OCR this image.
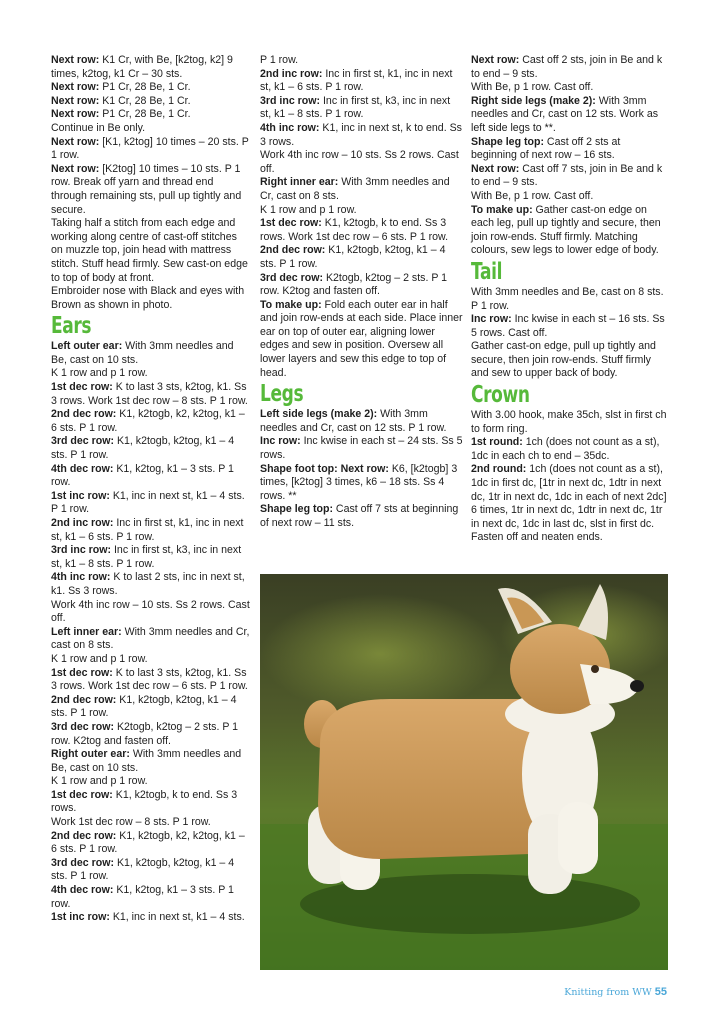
Next row: K1 Cr, with Be, [k2tog, k2] 9 times, k2tog, k1 Cr – 30 sts.

Next row: P1 Cr, 28 Be, 1 Cr.

Next row: K1 Cr, 28 Be, 1 Cr.

Next row: P1 Cr, 28 Be, 1 Cr.

Continue in Be only.

Next row: [K1, k2tog] 10 times – 20 sts. P 1 row.

Next row: [K2tog] 10 times – 10 sts. P 1 row. Break off yarn and thread end through remaining sts, pull up tightly and secure.

Taking half a stitch from each edge and working along centre of cast-off stitches on muzzle top, join head with mattress stitch. Stuff head firmly. Sew cast-on edge to top of body at front.

Embroider nose with Black and eyes with Brown as shown in photo.

Ears

Left outer ear: With 3mm needles and Be, cast on 10 sts.

K 1 row and p 1 row.

1st dec row: K to last 3 sts, k2tog, k1. Ss 3 rows. Work 1st dec row – 8 sts. P 1 row.

2nd dec row: K1, k2togb, k2, k2tog, k1 – 6 sts. P 1 row.

3rd dec row: K1, k2togb, k2tog, k1 – 4 sts. P 1 row.

4th dec row: K1, k2tog, k1 – 3 sts. P 1 row.

1st inc row: K1, inc in next st, k1 – 4 sts. P 1 row.

2nd inc row: Inc in first st, k1, inc in next st, k1 – 6 sts. P 1 row.

3rd inc row: Inc in first st, k3, inc in next st, k1 – 8 sts. P 1 row.

4th inc row: K to last 2 sts, inc in next st, k1. Ss 3 rows.

Work 4th inc row – 10 sts. Ss 2 rows. Cast off.

Left inner ear: With 3mm needles and Cr, cast on 8 sts.

K 1 row and p 1 row.

1st dec row: K to last 3 sts, k2tog, k1. Ss 3 rows. Work 1st dec row – 6 sts. P 1 row.

2nd dec row: K1, k2togb, k2tog, k1 – 4 sts. P 1 row.

3rd dec row: K2togb, k2tog – 2 sts. P 1 row. K2tog and fasten off.

Right outer ear: With 3mm needles and Be, cast on 10 sts.

K 1 row and p 1 row.

1st dec row: K1, k2togb, k to end. Ss 3 rows.

Work 1st dec row – 8 sts. P 1 row.

2nd dec row: K1, k2togb, k2, k2tog, k1 – 6 sts. P 1 row.

3rd dec row: K1, k2togb, k2tog, k1 – 4 sts. P 1 row.

4th dec row: K1, k2tog, k1 – 3 sts. P 1 row.

1st inc row: K1, inc in next st, k1 – 4 sts.

P 1 row.

2nd inc row: Inc in first st, k1, inc in next st, k1 – 6 sts. P 1 row.

3rd inc row: Inc in first st, k3, inc in next st, k1 – 8 sts. P 1 row.

4th inc row: K1, inc in next st, k to end. Ss 3 rows.

Work 4th inc row – 10 sts. Ss 2 rows. Cast off.

Right inner ear: With 3mm needles and Cr, cast on 8 sts.

K 1 row and p 1 row.

1st dec row: K1, k2togb, k to end. Ss 3 rows. Work 1st dec row – 6 sts. P 1 row.

2nd dec row: K1, k2togb, k2tog, k1 – 4 sts. P 1 row.

3rd dec row: K2togb, k2tog – 2 sts. P 1 row. K2tog and fasten off.

To make up: Fold each outer ear in half and join row-ends at each side. Place inner ear on top of outer ear, aligning lower edges and sew in position. Oversew all lower layers and sew this edge to top of head.

Legs

Left side legs (make 2): With 3mm needles and Cr, cast on 12 sts. P 1 row.

Inc row: Inc kwise in each st – 24 sts. Ss 5 rows.

Shape foot top: Next row: K6, [k2togb] 3 times, [k2tog] 3 times, k6 – 18 sts. Ss 4 rows. **

Shape leg top: Cast off 7 sts at beginning of next row – 11 sts.

Next row: Cast off 2 sts, join in Be and k to end – 9 sts.

With Be, p 1 row. Cast off.

Right side legs (make 2): With 3mm needles and Cr, cast on 12 sts. Work as left side legs to **.

Shape leg top: Cast off 2 sts at beginning of next row – 16 sts.

Next row: Cast off 7 sts, join in Be and k to end – 9 sts.

With Be, p 1 row. Cast off.

To make up: Gather cast-on edge on each leg, pull up tightly and secure, then join row-ends. Stuff firmly. Matching colours, sew legs to lower edge of body.

Tail

With 3mm needles and Be, cast on 8 sts. P 1 row.

Inc row: Inc kwise in each st – 16 sts. Ss 5 rows. Cast off.

Gather cast-on edge, pull up tightly and secure, then join row-ends. Stuff firmly and sew to upper back of body.

Crown

With 3.00 hook, make 35ch, slst in first ch to form ring.

1st round: 1ch (does not count as a st), 1dc in each ch to end – 35dc.

2nd round: 1ch (does not count as a st), 1dc in first dc, [1tr in next dc, 1dtr in next dc, 1tr in next dc, 1dc in each of next 2dc] 6 times, 1tr in next dc, 1dtr in next dc, 1tr in next dc, 1dc in last dc, slst in first dc. Fasten off and neaten ends.

Knitting from WW 55
